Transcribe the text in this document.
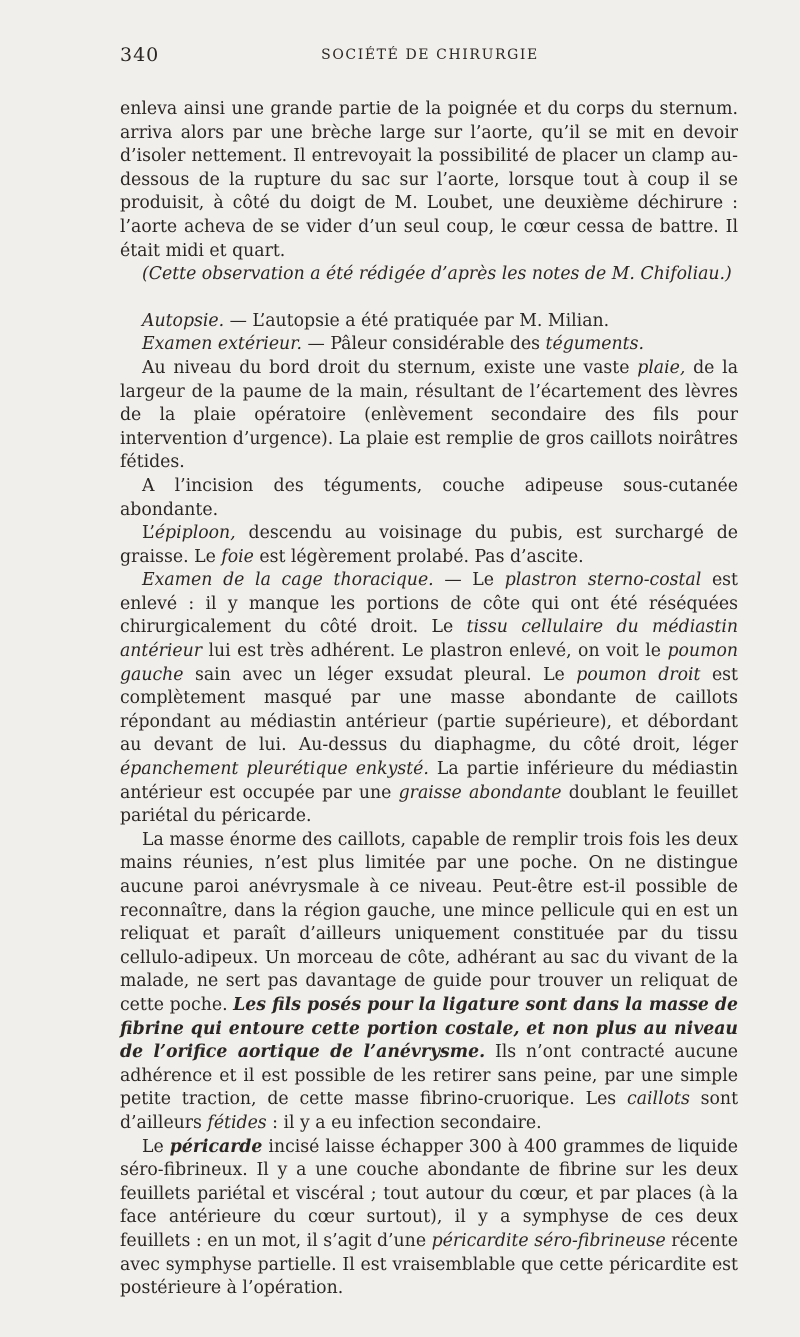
340	SOCIÉTÉ DE CHIRURGIE

enleva ainsi une grande partie de la poignée et du corps du sternum. arriva alors par une brèche large sur l’aorte, qu’il se mit en devoir d’isoler nettement. Il entrevoyait la possibilité de placer un clamp au-dessous de la rupture du sac sur l’aorte, lorsque tout à coup il se produisit, à côté du doigt de M. Loubet, une deuxième déchirure : l’aorte acheva de se vider d’un seul coup, le cœur cessa de battre. Il était midi et quart.

(Cette observation a été rédigée d’après les notes de M. Chifoliau.)

Autopsie. — L’autopsie a été pratiquée par M. Milian.

Examen extérieur. — Pâleur considérable des téguments.

Au niveau du bord droit du sternum, existe une vaste plaie, de la largeur de la paume de la main, résultant de l’écartement des lèvres de la plaie opératoire (enlèvement secondaire des fils pour intervention d’urgence). La plaie est remplie de gros caillots noirâtres fétides.

A l’incision des téguments, couche adipeuse sous-cutanée abondante.

L’épiploon, descendu au voisinage du pubis, est surchargé de graisse. Le foie est légèrement prolabé. Pas d’ascite.

Examen de la cage thoracique. — Le plastron sterno-costal est enlevé : il y manque les portions de côte qui ont été réséquées chirurgicalement du côté droit. Le tissu cellulaire du médiastin antérieur lui est très adhérent. Le plastron enlevé, on voit le poumon gauche sain avec un léger exsudat pleural. Le poumon droit est complètement masqué par une masse abondante de caillots répondant au médiastin antérieur (partie supérieure), et débordant au devant de lui. Au-dessus du diaphagme, du côté droit, léger épanchement pleurétique enkysté. La partie inférieure du médiastin antérieur est occupée par une graisse abondante doublant le feuillet pariétal du péricarde.

La masse énorme des caillots, capable de remplir trois fois les deux mains réunies, n’est plus limitée par une poche. On ne distingue aucune paroi anévrysmale à ce niveau. Peut-être est-il possible de reconnaître, dans la région gauche, une mince pellicule qui en est un reliquat et paraît d’ailleurs uniquement constituée par du tissu cellulo-adipeux. Un morceau de côte, adhérant au sac du vivant de la malade, ne sert pas davantage de guide pour trouver un reliquat de cette poche. Les fils posés pour la ligature sont dans la masse de fibrine qui entoure cette portion costale, et non plus au niveau de l’orifice aortique de l’anévrysme. Ils n’ont contracté aucune adhérence et il est possible de les retirer sans peine, par une simple petite traction, de cette masse fibrino-cruorique. Les caillots sont d’ailleurs fétides : il y a eu infection secondaire.

Le péricarde incisé laisse échapper 300 à 400 grammes de liquide séro-fibrineux. Il y a une couche abondante de fibrine sur les deux feuillets pariétal et viscéral ; tout autour du cœur, et par places (à la face antérieure du cœur surtout), il y a symphyse de ces deux feuillets : en un mot, il s’agit d’une péricardite séro-fibrineuse récente avec symphyse partielle. Il est vraisemblable que cette péricardite est postérieure à l’opération.
